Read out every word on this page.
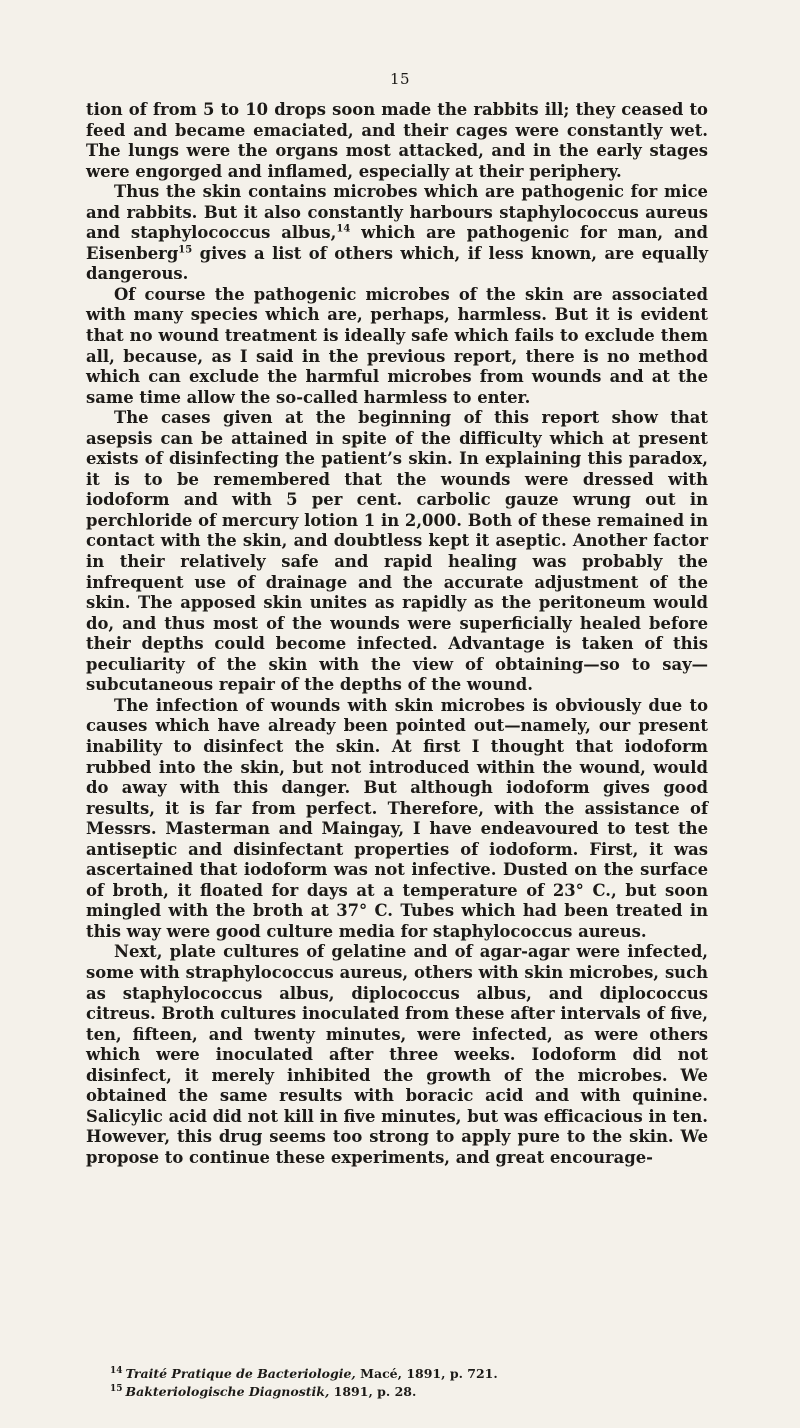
15

tion of from 5 to 10 drops soon made the rabbits ill; they ceased to feed and became emaciated, and their cages were constantly wet. The lungs were the organs most attacked, and in the early stages were engorged and inflamed, especially at their periphery.

Thus the skin contains microbes which are pathogenic for mice and rabbits. But it also constantly harbours staphylococcus aureus and staphylococcus albus,$^{14}$ which are pathogenic for man, and Eisenberg$^{15}$ gives a list of others which, if less known, are equally dangerous.

Of course the pathogenic microbes of the skin are associated with many species which are, perhaps, harmless. But it is evident that no wound treatment is ideally safe which fails to exclude them all, because, as I said in the previous report, there is no method which can exclude the harmful microbes from wounds and at the same time allow the so-called harmless to enter.

The cases given at the beginning of this report show that asepsis can be attained in spite of the difficulty which at present exists of disinfecting the patient’s skin. In explaining this paradox, it is to be remembered that the wounds were dressed with iodoform and with 5 per cent. carbolic gauze wrung out in perchloride of mercury lotion 1 in 2,000. Both of these remained in contact with the skin, and doubtless kept it aseptic. Another factor in their relatively safe and rapid healing was probably the infrequent use of drainage and the accurate adjustment of the skin. The apposed skin unites as rapidly as the peritoneum would do, and thus most of the wounds were superficially healed before their depths could become infected. Advantage is taken of this peculiarity of the skin with the view of obtaining—so to say—subcutaneous repair of the depths of the wound.

The infection of wounds with skin microbes is obviously due to causes which have already been pointed out—namely, our present inability to disinfect the skin. At first I thought that iodoform rubbed into the skin, but not introduced within the wound, would do away with this danger. But although iodoform gives good results, it is far from perfect. Therefore, with the assistance of Messrs. Masterman and Maingay, I have endeavoured to test the antiseptic and disinfectant properties of iodoform. First, it was ascertained that iodoform was not infective. Dusted on the surface of broth, it floated for days at a temperature of 23° C., but soon mingled with the broth at 37° C. Tubes which had been treated in this way were good culture media for staphylococcus aureus.

Next, plate cultures of gelatine and of agar-agar were infected, some with straphylococcus aureus, others with skin microbes, such as staphylococcus albus, diplococcus albus, and diplococcus citreus. Broth cultures inoculated from these after intervals of five, ten, fifteen, and twenty minutes, were infected, as were others which were inoculated after three weeks. Iodoform did not disinfect, it merely inhibited the growth of the microbes. We obtained the same results with boracic acid and with quinine. Salicylic acid did not kill in five minutes, but was efficacious in ten. However, this drug seems too strong to apply pure to the skin. We propose to continue these experiments, and great encourage-

$^{14}$ Traité Pratique de Bacteriologie, Macé, 1891, p. 721.
$^{15}$ Bakteriologische Diagnostik, 1891, p. 28.
